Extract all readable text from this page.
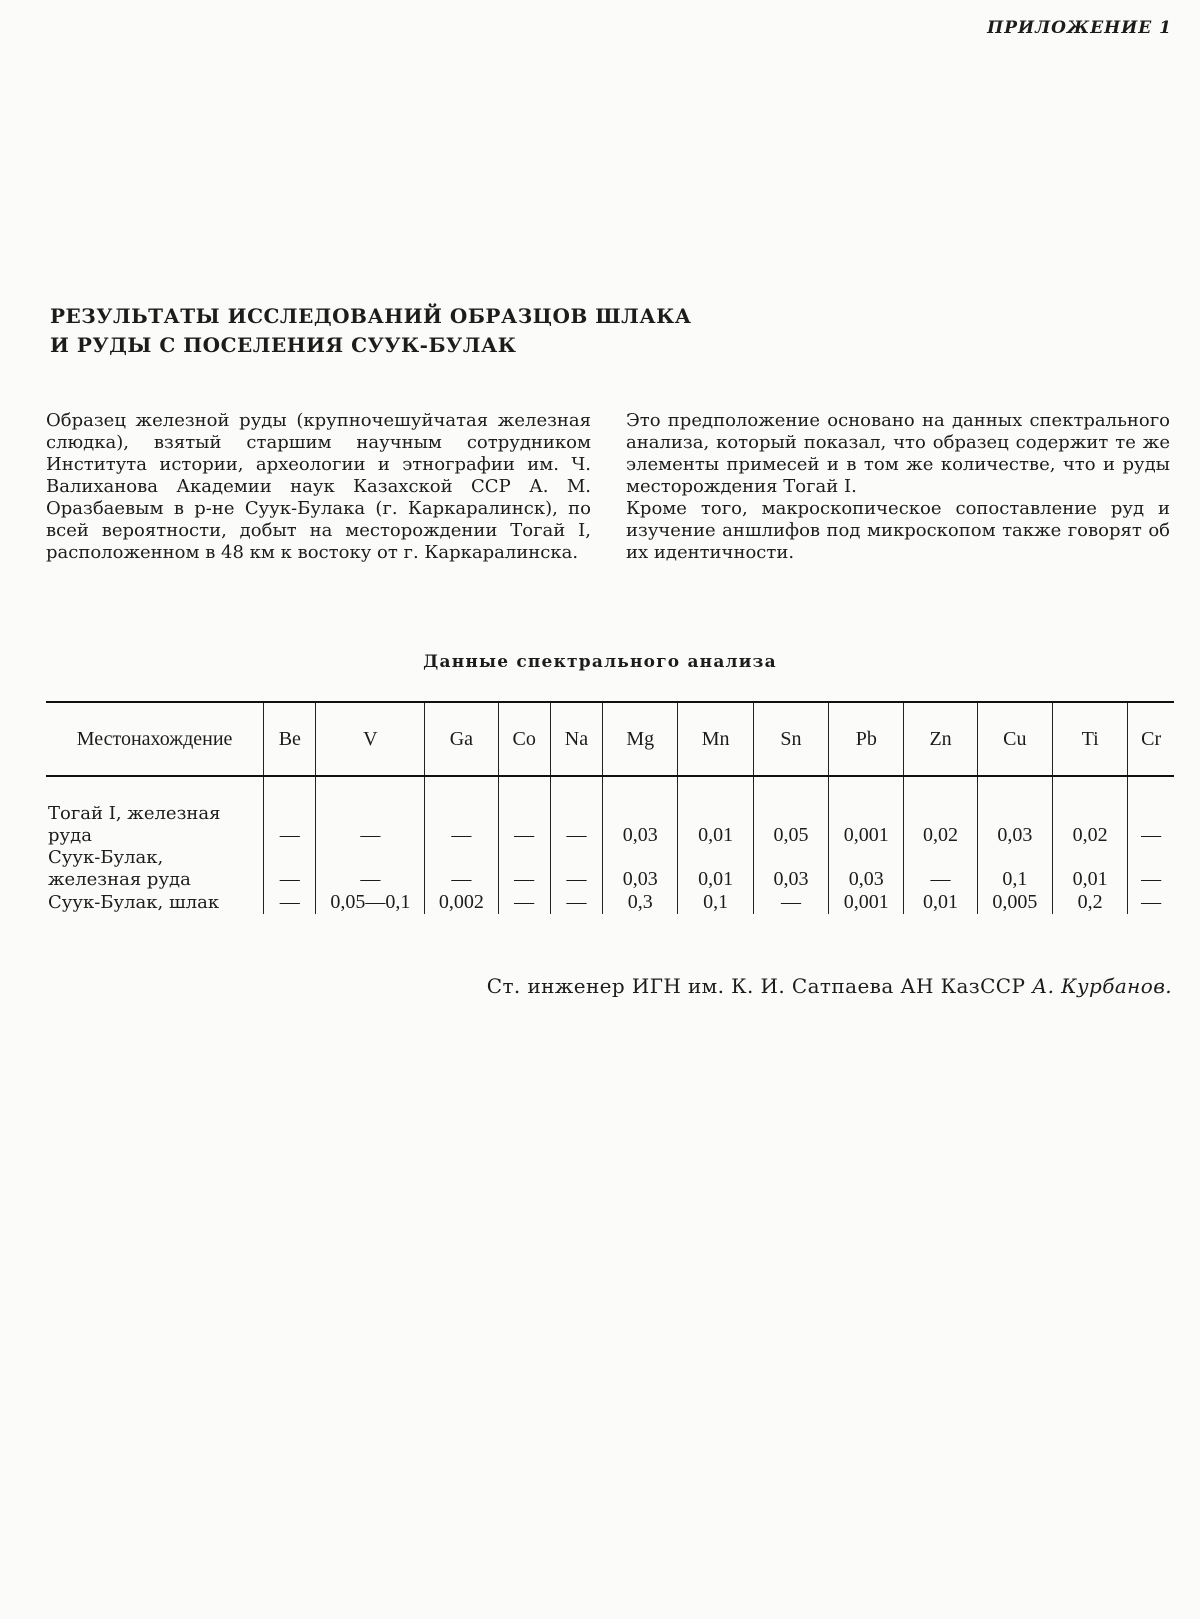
ПРИЛОЖЕНИЕ 1
РЕЗУЛЬТАТЫ ИССЛЕДОВАНИЙ ОБРАЗЦОВ ШЛАКА
И РУДЫ С ПОСЕЛЕНИЯ СУУК-БУЛАК

Образец железной руды (крупночешуйчатая железная слюдка), взятый старшим научным сотрудником Института истории, археологии и этнографии им. Ч. Валиханова Академии наук Казахской ССР А. М. Оразбаевым в р-не Суук-Булака (г. Каркаралинск), по всей вероятности, добыт на месторождении Тогай I, расположенном в 48 км к востоку от г. Каркаралинска.

Это предположение основано на данных спектрального анализа, который показал, что образец содержит те же элементы примесей и в том же количестве, что и руды месторождения Тогай I.

Кроме того, макроскопическое сопоставление руд и изучение аншлифов под микроскопом также говорят об их идентичности.

Данные спектрального анализа
Местонахождение	Be	V	Ga	Co	Na	Mg	Mn	Sn	Pb	Zn	Cu	Ti	Cr
Тогай I, железная руда	—	—	—	—	—	0,03	0,01	0,05	0,001	0,02	0,03	0,02	—
Суук-Булак, железная руда	—	—	—	—	—	0,03	0,01	0,03	0,03	—	0,1	0,01	—
Суук-Булак, шлак	—	0,05—0,1	0,002	—	—	0,3	0,1	—	0,001	0,01	0,005	0,2	—
Ст. инженер ИГН им. К. И. Сатпаева АН КазССР А. Курбанов.
